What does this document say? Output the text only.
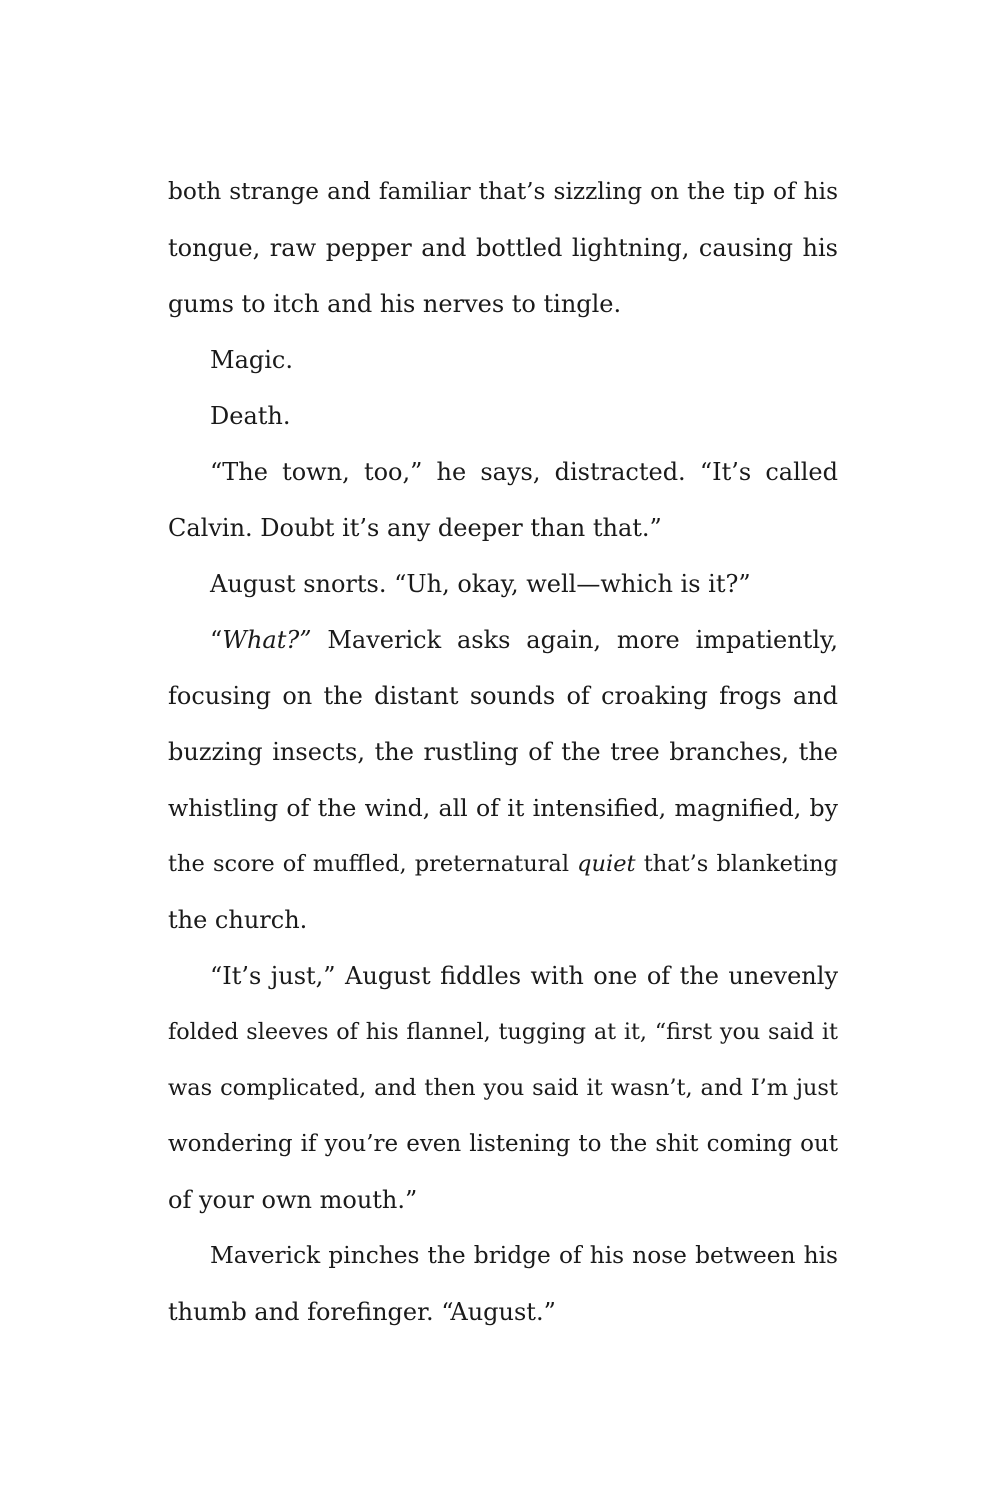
both strange and familiar that’s sizzling on the tip of his
tongue, raw pepper and bottled lightning, causing his
gums to itch and his nerves to tingle.
Magic.
Death.
“The town, too,” he says, distracted. “It’s called
Calvin. Doubt it’s any deeper than that.”
August snorts. “Uh, okay, well—which is it?”
“What?” Maverick asks again, more impatiently,
focusing on the distant sounds of croaking frogs and
buzzing insects, the rustling of the tree branches, the
whistling of the wind, all of it intensified, magnified, by
the score of muffled, preternatural quiet that’s blanketing
the church.
“It’s just,” August fiddles with one of the unevenly
folded sleeves of his flannel, tugging at it, “first you said it
was complicated, and then you said it wasn’t, and I’m just
wondering if you’re even listening to the shit coming out
of your own mouth.”
Maverick pinches the bridge of his nose between his
thumb and forefinger. “August.”
